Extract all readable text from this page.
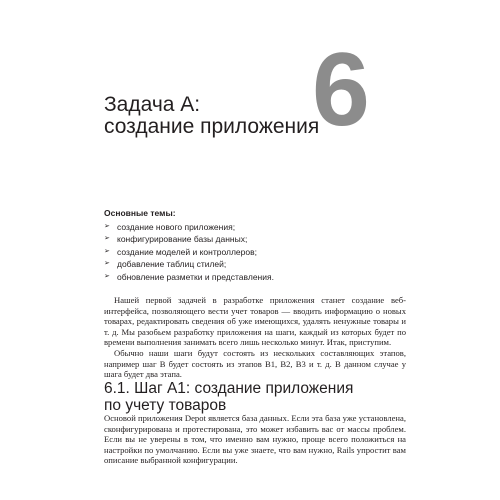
6
Задача А:
создание приложения

Основные темы:

➢ создание нового приложения;
➢ конфигурирование базы данных;
➢ создание моделей и контроллеров;
➢ добавление таблиц стилей;
➢ обновление разметки и представления.

Нашей первой задачей в разработке приложения станет создание веб-интерфейса, позволяющего вести учет товаров — вводить информацию о новых товарах, редактировать сведения об уже имеющихся, удалять ненужные товары и т. д. Мы разобьем разработку приложения на шаги, каждый из которых будет по времени выполнения занимать всего лишь несколько минут. Итак, приступим.

Обычно наши шаги будут состоять из нескольких составляющих этапов, например шаг В будет состоять из этапов В1, В2, В3 и т. д. В данном случае у шага будет два этапа.

6.1. Шаг А1: создание приложения
по учету товаров

Основой приложения Depot является база данных. Если эта база уже установлена, сконфигурирована и протестирована, это может избавить вас от массы проблем. Если вы не уверены в том, что именно вам нужно, проще всего положиться на настройки по умолчанию. Если вы уже знаете, что вам нужно, Rails упростит вам описание выбранной конфигурации.
